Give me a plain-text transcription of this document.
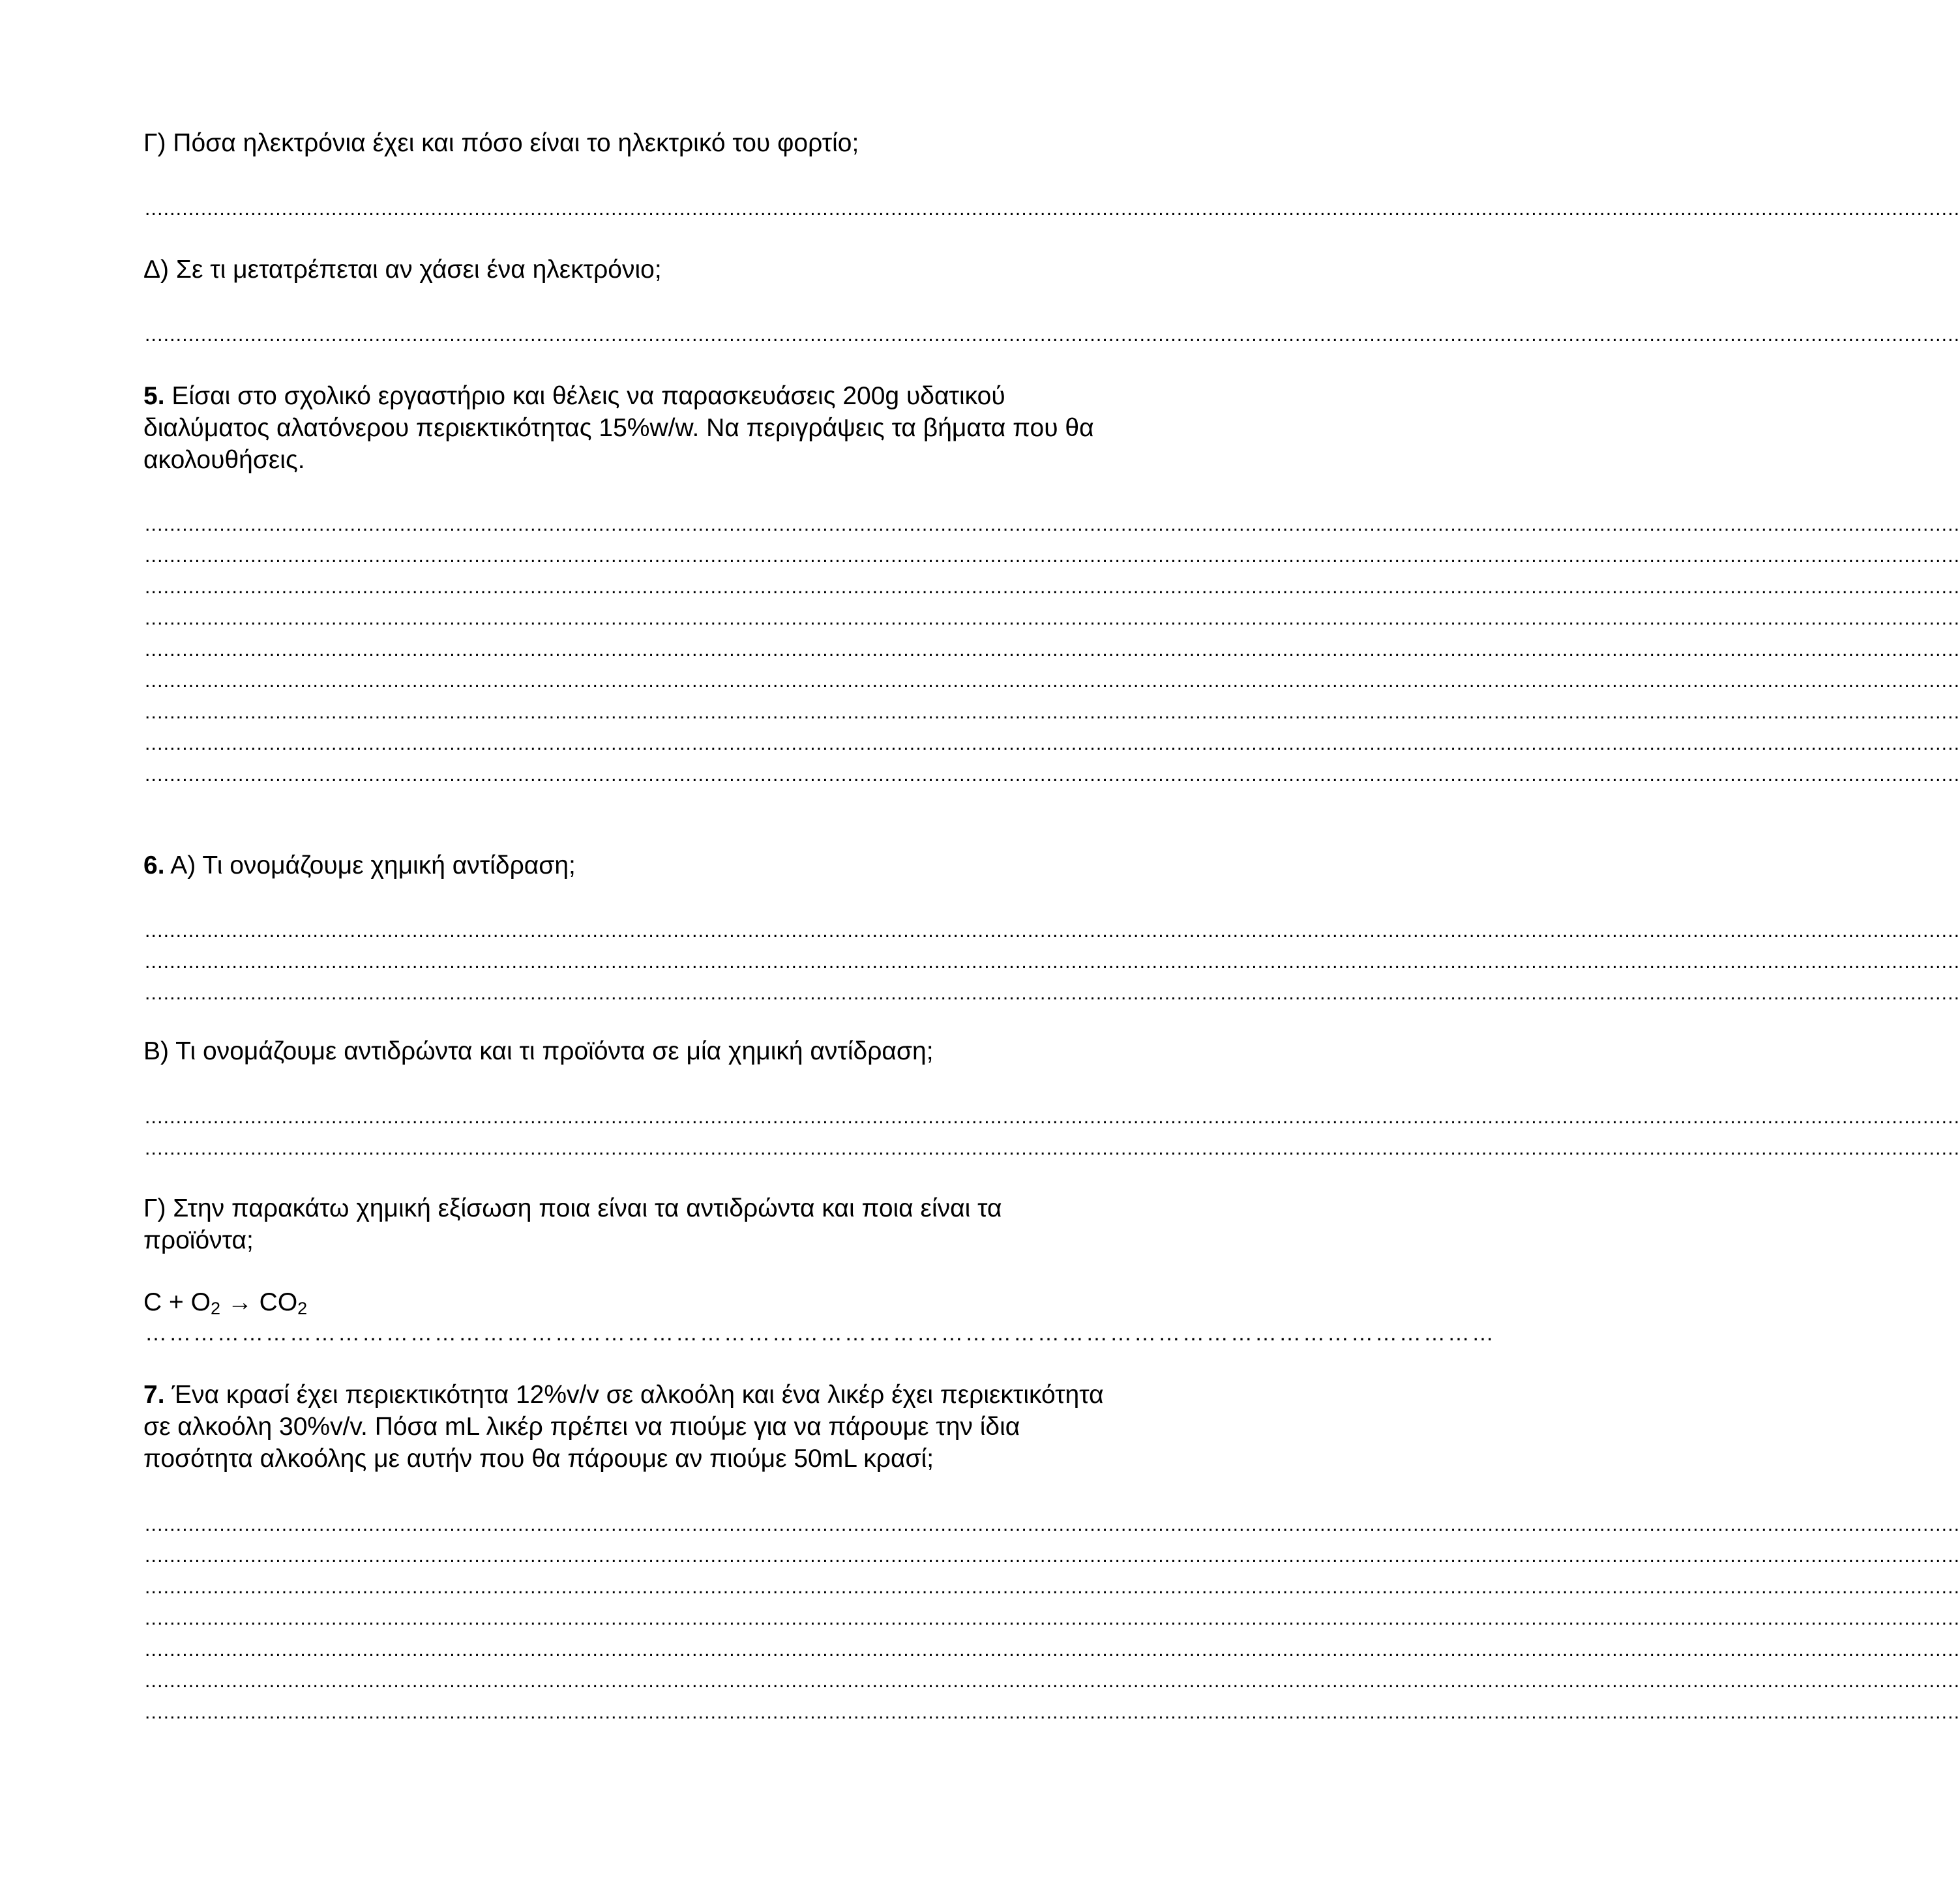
Γ) Πόσα ηλεκτρόνια έχει και πόσο είναι το ηλεκτρικό του φορτίο;

....................................................................................................................................................................................................................................................................................................

Δ) Σε τι μετατρέπεται αν χάσει ένα ηλεκτρόνιο;

....................................................................................................................................................................................................................................................................................................

5. Είσαι στο σχολικό εργαστήριο και θέλεις να παρασκευάσεις 200g υδατικού

διαλύματος αλατόνερου περιεκτικότητας 15%w/w. Να περιγράψεις τα βήματα που θα

ακολουθήσεις.

....................................................................................................................................................................................................................................................................................................

....................................................................................................................................................................................................................................................................................................

....................................................................................................................................................................................................................................................................................................

....................................................................................................................................................................................................................................................................................................

....................................................................................................................................................................................................................................................................................................

....................................................................................................................................................................................................................................................................................................

....................................................................................................................................................................................................................................................................................................

....................................................................................................................................................................................................................................................................................................

....................................................................................................................................................................................................................................................................................................

6. Α) Τι ονομάζουμε χημική αντίδραση;

....................................................................................................................................................................................................................................................................................................

....................................................................................................................................................................................................................................................................................................

....................................................................................................................................................................................................................................................................................................

Β) Τι ονομάζουμε αντιδρώντα και τι προϊόντα σε μία χημική αντίδραση;

....................................................................................................................................................................................................................................................................................................

....................................................................................................................................................................................................................................................................................................

Γ) Στην παρακάτω χημική εξίσωση ποια είναι τα αντιδρώντα και ποια είναι τα

προϊόντα;

$C + O_2 \to CO_2$

……………………………………………………………………………………………………………………………………………………

7. Ένα κρασί έχει περιεκτικότητα 12%v/v σε αλκοόλη και ένα λικέρ έχει περιεκτικότητα

σε αλκοόλη 30%v/v. Πόσα mL λικέρ πρέπει να πιούμε για να πάρουμε την ίδια

ποσότητα αλκοόλης με αυτήν που θα πάρουμε αν πιούμε 50mL κρασί;

....................................................................................................................................................................................................................................................................................................

....................................................................................................................................................................................................................................................................................................

....................................................................................................................................................................................................................................................................................................

....................................................................................................................................................................................................................................................................................................

....................................................................................................................................................................................................................................................................................................

....................................................................................................................................................................................................................................................................................................

....................................................................................................................................................................................................................................................................................................
